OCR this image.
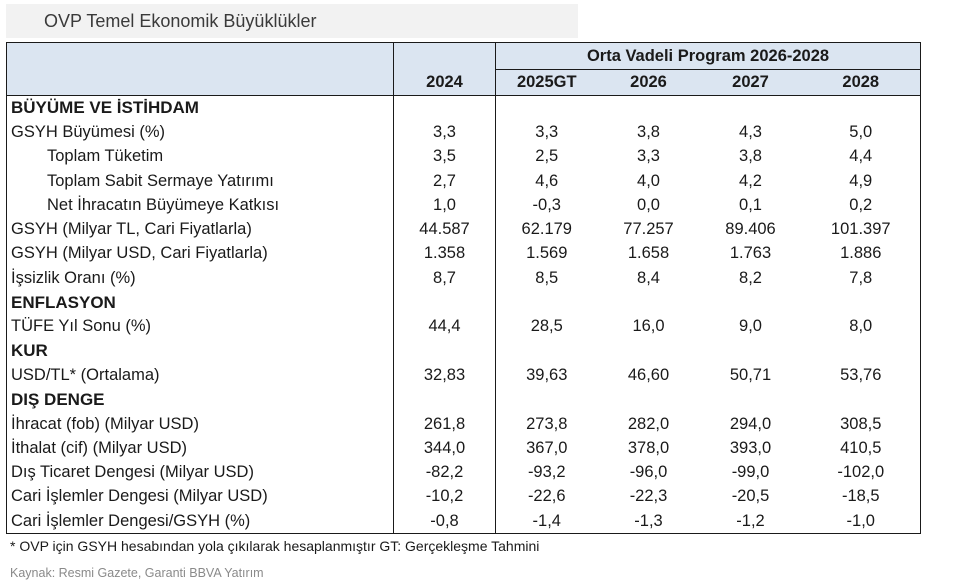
OVP Temel Ekonomik Büyüklükler
		Orta Vadeli Program 2026-2028			
	2024	2025GT	2026	2027	2028
BÜYÜME VE İSTİHDAM					
GSYH Büyümesi (%)	3,3	3,3	3,8	4,3	5,0
Toplam Tüketim	3,5	2,5	3,3	3,8	4,4
Toplam Sabit Sermaye Yatırımı	2,7	4,6	4,0	4,2	4,9
Net İhracatın Büyümeye Katkısı	1,0	-0,3	0,0	0,1	0,2
GSYH (Milyar TL, Cari Fiyatlarla)	44.587	62.179	77.257	89.406	101.397
GSYH (Milyar USD, Cari Fiyatlarla)	1.358	1.569	1.658	1.763	1.886
İşsizlik Oranı (%)	8,7	8,5	8,4	8,2	7,8
ENFLASYON					
TÜFE Yıl Sonu (%)	44,4	28,5	16,0	9,0	8,0
KUR					
USD/TL* (Ortalama)	32,83	39,63	46,60	50,71	53,76
DIŞ DENGE					
İhracat (fob) (Milyar USD)	261,8	273,8	282,0	294,0	308,5
İthalat (cif) (Milyar USD)	344,0	367,0	378,0	393,0	410,5
Dış Ticaret Dengesi (Milyar USD)	-82,2	-93,2	-96,0	-99,0	-102,0
Cari İşlemler Dengesi (Milyar USD)	-10,2	-22,6	-22,3	-20,5	-18,5
Cari İşlemler Dengesi/GSYH (%)	-0,8	-1,4	-1,3	-1,2	-1,0
* OVP için GSYH hesabından yola çıkılarak hesaplanmıştır GT: Gerçekleşme Tahmini
Kaynak: Resmi Gazete, Garanti BBVA Yatırım
